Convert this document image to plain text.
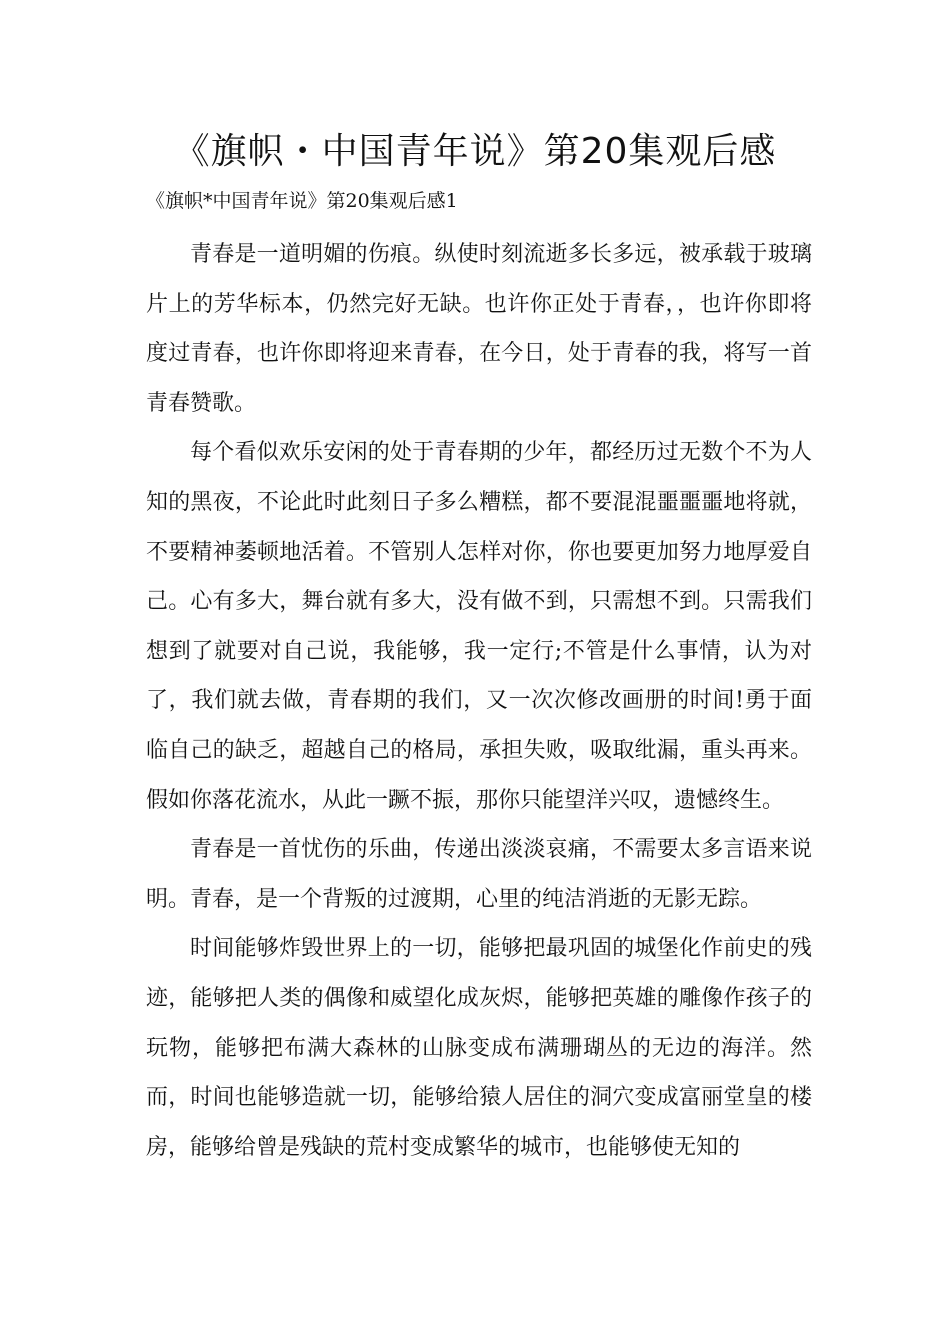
《旗帜・中国青年说》第20集观后感

《旗帜*中国青年说》第20集观后感1

青春是一道明媚的伤痕。纵使时刻流逝多长多远，被承载于玻璃片上的芳华标本，仍然完好无缺。也许你正处于青春，，也许你即将度过青春，也许你即将迎来青春，在今日，处于青春的我，将写一首青春赞歌。

每个看似欢乐安闲的处于青春期的少年，都经历过无数个不为人知的黑夜，不论此时此刻日子多么糟糕，都不要混混噩噩噩地将就，不要精神萎顿地活着。不管别人怎样对你，你也要更加努力地厚爱自己。心有多大，舞台就有多大，没有做不到，只需想不到。只需我们想到了就要对自己说，我能够，我一定行;不管是什么事情，认为对了，我们就去做，青春期的我们，又一次次修改画册的时间!勇于面临自己的缺乏，超越自己的格局，承担失败，吸取纰漏，重头再来。假如你落花流水，从此一蹶不振，那你只能望洋兴叹，遗憾终生。

青春是一首忧伤的乐曲，传递出淡淡哀痛，不需要太多言语来说明。青春，是一个背叛的过渡期，心里的纯洁消逝的无影无踪。

时间能够炸毁世界上的一切，能够把最巩固的城堡化作前史的残迹，能够把人类的偶像和威望化成灰烬，能够把英雄的雕像作孩子的玩物，能够把布满大森林的山脉变成布满珊瑚丛的无边的海洋。然而，时间也能够造就一切，能够给猿人居住的洞穴变成富丽堂皇的楼房，能够给曾是残缺的荒村变成繁华的城市，也能够使无知的
